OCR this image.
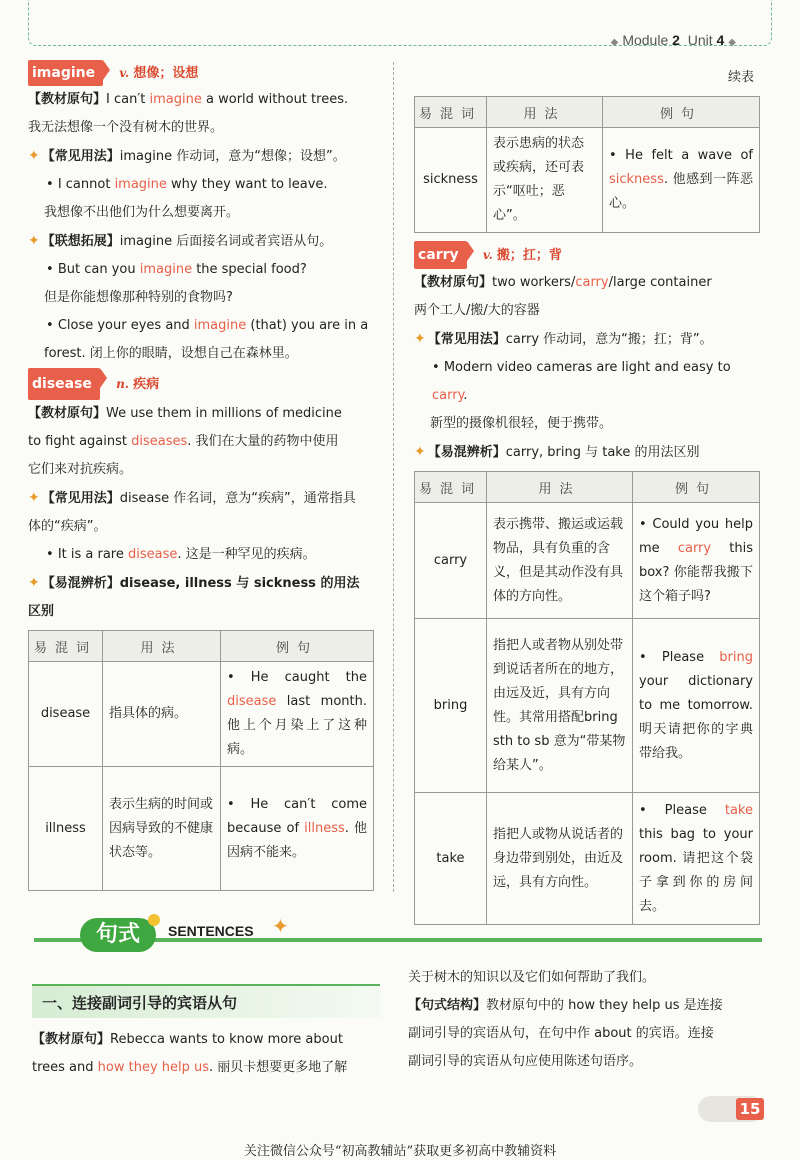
◆ Module 2 Unit 4 ◆
imagine v. 想像；设想
【教材原句】I can′t imagine a world without trees.
我无法想像一个没有树木的世界。
✦ 【常见用法】imagine 作动词，意为“想像；设想”。
• I cannot imagine why they want to leave.
我想像不出他们为什么想要离开。
✦ 【联想拓展】imagine 后面接名词或者宾语从句。
• But can you imagine the special food?
但是你能想像那种特别的食物吗?
• Close your eyes and imagine (that) you are in a
forest. 闭上你的眼睛，设想自己在森林里。
disease n. 疾病
【教材原句】We use them in millions of medicine
to fight against diseases. 我们在大量的药物中使用
它们来对抗疾病。
✦ 【常见用法】disease 作名词，意为“疾病”，通常指具
体的“疾病”。
• It is a rare disease. 这是一种罕见的疾病。
✦ 【易混辨析】disease, illness 与 sickness 的用法
区别
易混词	用法	例句
disease	指具体的病。	• He caught the disease last month. 他上个月染上了这种病。
illness	表示生病的时间或因病导致的不健康状态等。	• He can′t come because of illness. 他因病不能来。
续表
易混词	用法	例句
sickness	表示患病的状态或疾病，还可表示“呕吐；恶心”。	• He felt a wave of sickness. 他感到一阵恶心。
carry v. 搬；扛；背
【教材原句】two workers/carry/large container
两个工人/搬/大的容器
✦ 【常见用法】carry 作动词，意为“搬；扛；背”。
• Modern video cameras are light and easy to carry.
新型的摄像机很轻，便于携带。
✦ 【易混辨析】carry, bring 与 take 的用法区别
易混词	用法	例句
carry	表示携带、搬运或运载物品，具有负重的含义，但是其动作没有具体的方向性。	• Could you help me carry this box? 你能帮我搬下这个箱子吗?
bring	指把人或者物从别处带到说话者所在的地方，由远及近，具有方向性。其常用搭配bring sth to sb 意为“带某物给某人”。	• Please bring your dictionary to me tomorrow. 明天请把你的字典带给我。
take	指把人或物从说话者的身边带到别处，由近及远，具有方向性。	• Please take this bag to your room. 请把这个袋子拿到你的房间去。
句式	SENTENCES ✦
一、连接副词引导的宾语从句
【教材原句】Rebecca wants to know more about
trees and how they help us. 丽贝卡想要更多地了解
关于树木的知识以及它们如何帮助了我们。
【句式结构】教材原句中的 how they help us 是连接
副词引导的宾语从句，在句中作 about 的宾语。连接
副词引导的宾语从句应使用陈述句语序。
15
关注微信公众号“初高教辅站”获取更多初高中教辅资料
